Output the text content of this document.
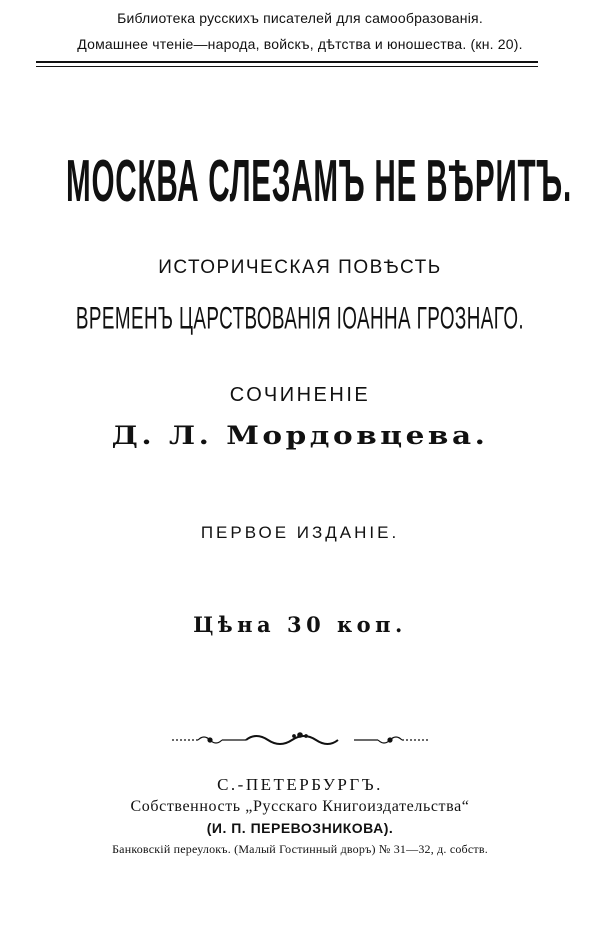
Библиотека русскихъ писателей для самообразованія.
Домашнее чтеніе—народа, войскъ, дѣтства и юношества. (кн. 20).
МОСКВА СЛЕЗАМЪ НЕ ВѢРИТЪ.
ИСТОРИЧЕСКАЯ ПОВѢСТЬ
ВРЕМЕНЪ ЦАРСТВОВАНІЯ ІОАННА ГРОЗНАГО.
СОЧИНЕНІЕ
Д. Л. Мордовцева.
ПЕРВОЕ ИЗДАНІЕ.
Цѣна 30 коп.
С.-ПЕТЕРБУРГЪ.
Собственность „Русскаго Книгоиздательства“
(И. П. ПЕРЕВОЗНИКОВА).
Банковскій переулокъ. (Малый Гостинный дворъ) № 31—32, д. собств.
